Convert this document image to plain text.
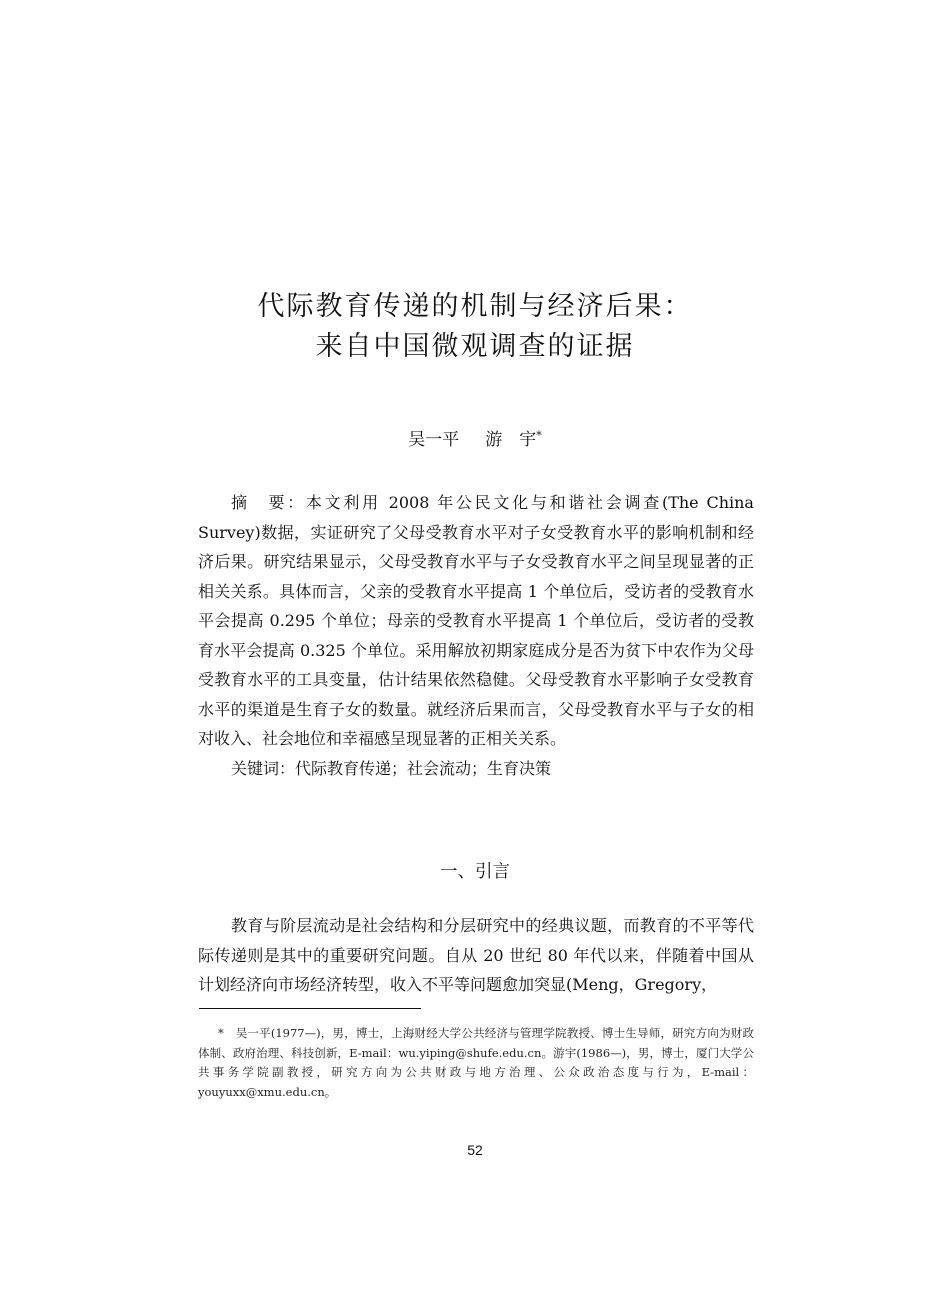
代际教育传递的机制与经济后果：
来自中国微观调查的证据
吴一平 游　宇*

摘　要：本文利用 2008 年公民文化与和谐社会调查(The China Survey)数据，实证研究了父母受教育水平对子女受教育水平的影响机制和经济后果。研究结果显示，父母受教育水平与子女受教育水平之间呈现显著的正相关关系。具体而言，父亲的受教育水平提高 1 个单位后，受访者的受教育水平会提高 0.295 个单位；母亲的受教育水平提高 1 个单位后，受访者的受教育水平会提高 0.325 个单位。采用解放初期家庭成分是否为贫下中农作为父母受教育水平的工具变量，估计结果依然稳健。父母受教育水平影响子女受教育水平的渠道是生育子女的数量。就经济后果而言，父母受教育水平与子女的相对收入、社会地位和幸福感呈现显著的正相关关系。

关键词：代际教育传递；社会流动；生育决策

一、引言

教育与阶层流动是社会结构和分层研究中的经典议题，而教育的不平等代际传递则是其中的重要研究问题。自从 20 世纪 80 年代以来，伴随着中国从计划经济向市场经济转型，收入不平等问题愈加突显(Meng，Gregory，

*　 吴一平(1977—)，男，博士，上海财经大学公共经济与管理学院教授、博士生导师，研究方向为财政体制、政府治理、科技创新，E-mail：wu.yiping@shufe.edu.cn。游宇(1986—)，男，博士，厦门大学公共事务学院副教授，研究方向为公共财政与地方治理、公众政治态度与行为，E-mail：youyuxx@xmu.edu.cn。

52
